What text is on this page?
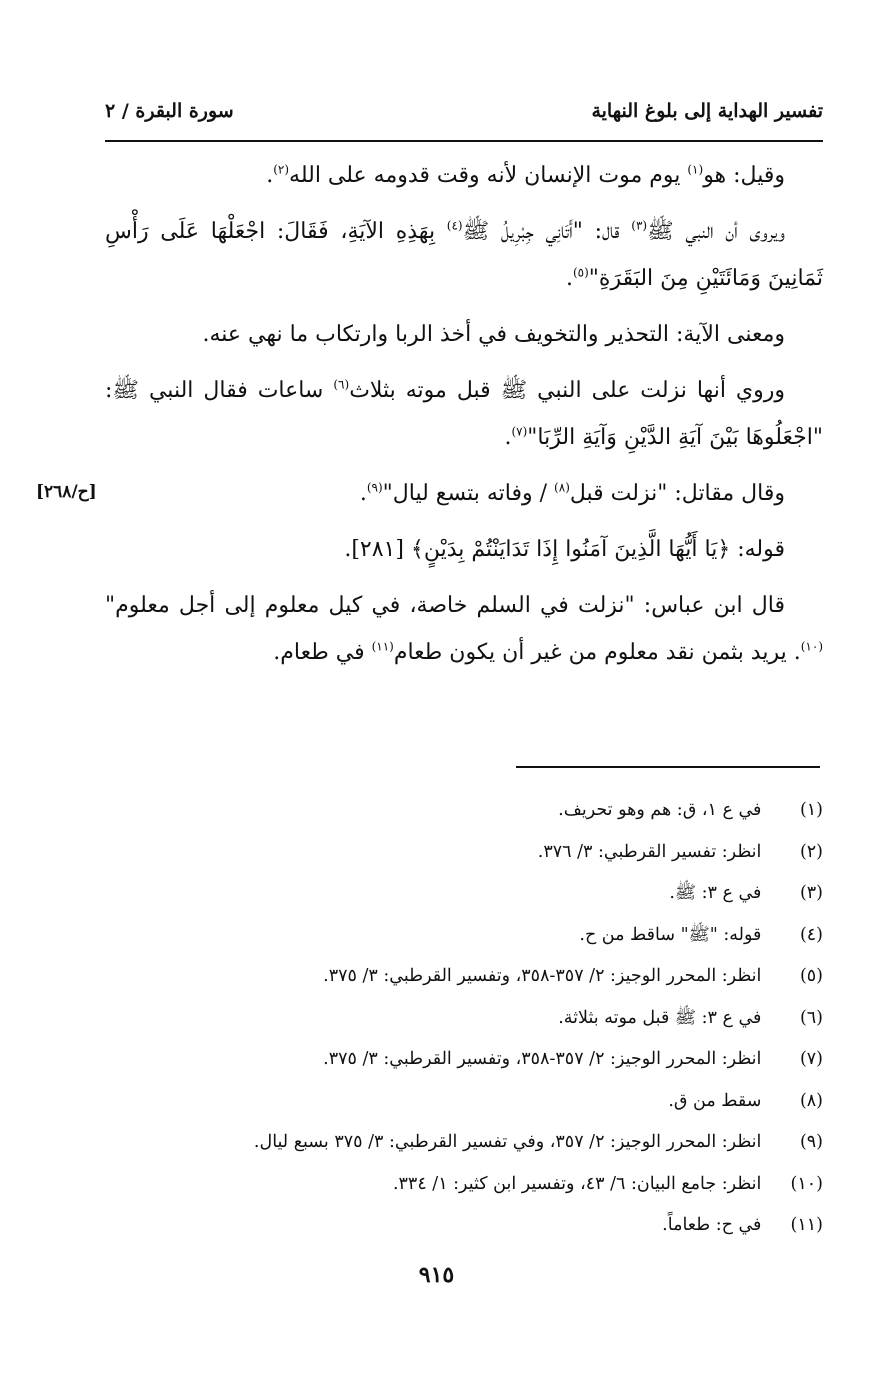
تفسير الهداية إلى بلوغ النهاية
سورة البقرة / ٢
[ح/٢٦٨]

وقيل: هو$^{(١)}$ يوم موت الإنسان لأنه وقت قدومه على الله$^{(٢)}$.

ويروى أن النبي ﷺ$^{(٣)}$ قال: "أَتَانِي جِبْرِيلُ ﷺ$^{(٤)}$ بِهَذِهِ الآيَةِ، فَقَالَ: اجْعَلْهَا عَلَى رَأْسِ ثَمَانِينَ وَمَائَتَيْنِ مِنَ البَقَرَةِ"$^{(٥)}$.

ومعنى الآية: التحذير والتخويف في أخذ الربا وارتكاب ما نهي عنه.

وروي أنها نزلت على النبي ﷺ قبل موته بثلاث$^{(٦)}$ ساعات فقال النبي ﷺ: "اجْعَلُوهَا بَيْنَ آيَةِ الدَّيْنِ وَآيَةِ الرِّبَا"$^{(٧)}$.

وقال مقاتل: "نزلت قبل$^{(٨)}$ / وفاته بتسع ليال"$^{(٩)}$.

قوله: ﴿يَا أَيُّهَا الَّذِينَ آمَنُوا إِذَا تَدَايَنْتُمْ بِدَيْنٍ﴾ [٢٨١].

قال ابن عباس: "نزلت في السلم خاصة، في كيل معلوم إلى أجل معلوم"$^{(١٠)}$. يريد بثمن نقد معلوم من غير أن يكون طعام$^{(١١)}$ في طعام.

(١) في ع ١، ق: هم وهو تحريف.
(٢) انظر: تفسير القرطبي: ٣/ ٣٧٦.
(٣) في ع ٣: ﷺ.
(٤) قوله: "ﷺ" ساقط من ح.
(٥) انظر: المحرر الوجيز: ٢/ ٣٥٧-٣٥٨، وتفسير القرطبي: ٣/ ٣٧٥.
(٦) في ع ٣: ﷺ قبل موته بثلاثة.
(٧) انظر: المحرر الوجيز: ٢/ ٣٥٧-٣٥٨، وتفسير القرطبي: ٣/ ٣٧٥.
(٨) سقط من ق.
(٩) انظر: المحرر الوجيز: ٢/ ٣٥٧، وفي تفسير القرطبي: ٣/ ٣٧٥ بسبع ليال.
(١٠) انظر: جامع البيان: ٦/ ٤٣، وتفسير ابن كثير: ١/ ٣٣٤.
(١١) في ح: طعاماً.
٩١٥
